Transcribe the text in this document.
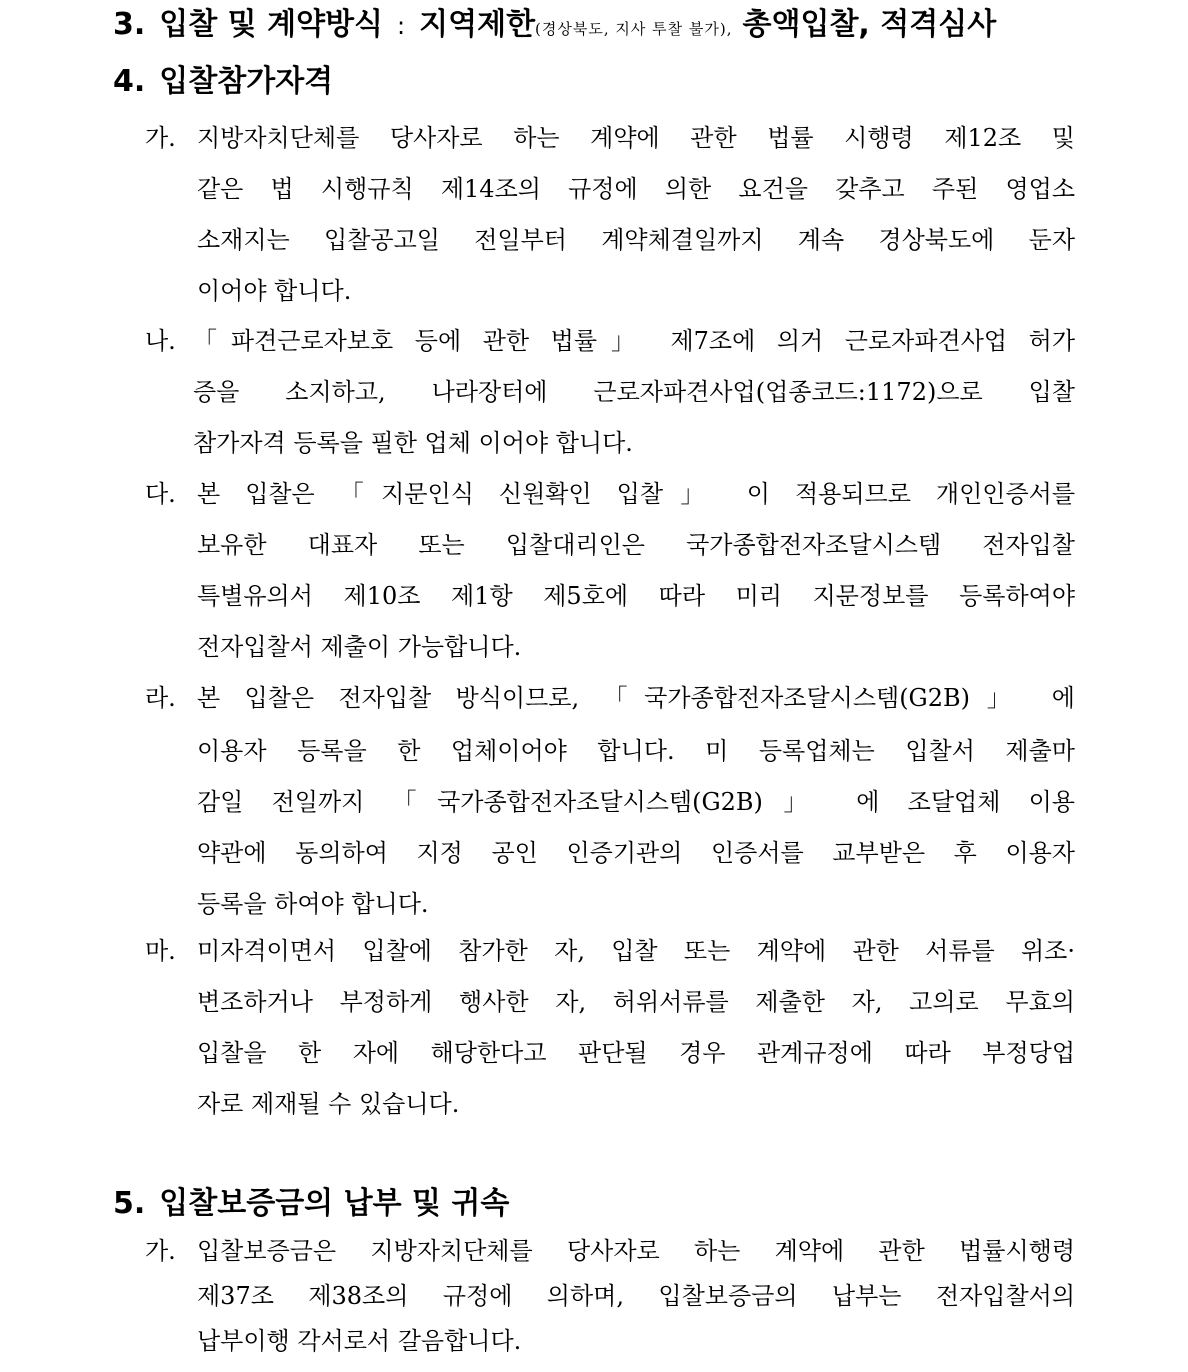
3. 입찰 및 계약방식 : 지역제한(경상북도, 지사 투찰 불가), 총액입찰, 적격심사
4. 입찰참가자격
가. 지방자치단체를 당사자로 하는 계약에 관한 법률 시행령 제12조 및
같은 법 시행규칙 제14조의 규정에 의한 요건을 갖추고 주된 영업소
소재지는 입찰공고일 전일부터 계약체결일까지 계속 경상북도에 둔자
이어야 합니다.
나. 「파견근로자보호 등에 관한 법률」 제7조에 의거 근로자파견사업 허가
증을 소지하고, 나라장터에 근로자파견사업(업종코드:1172)으로 입찰
참가자격 등록을 필한 업체 이어야 합니다.
다. 본 입찰은 「지문인식 신원확인 입찰」 이 적용되므로 개인인증서를
보유한 대표자 또는 입찰대리인은 국가종합전자조달시스템 전자입찰
특별유의서 제10조 제1항 제5호에 따라 미리 지문정보를 등록하여야
전자입찰서 제출이 가능합니다.
라. 본 입찰은 전자입찰 방식이므로, 「국가종합전자조달시스템(G2B)」 에
이용자 등록을 한 업체이어야 합니다. 미 등록업체는 입찰서 제출마
감일 전일까지 「국가종합전자조달시스템(G2B)」 에 조달업체 이용
약관에 동의하여 지정 공인 인증기관의 인증서를 교부받은 후 이용자
등록을 하여야 합니다.
마. 미자격이면서 입찰에 참가한 자, 입찰 또는 계약에 관한 서류를 위조·
변조하거나 부정하게 행사한 자, 허위서류를 제출한 자, 고의로 무효의
입찰을 한 자에 해당한다고 판단될 경우 관계규정에 따라 부정당업
자로 제재될 수 있습니다.
5. 입찰보증금의 납부 및 귀속
가. 입찰보증금은 지방자치단체를 당사자로 하는 계약에 관한 법률시행령
제37조 제38조의 규정에 의하며, 입찰보증금의 납부는 전자입찰서의
납부이행 각서로서 갈음합니다.
